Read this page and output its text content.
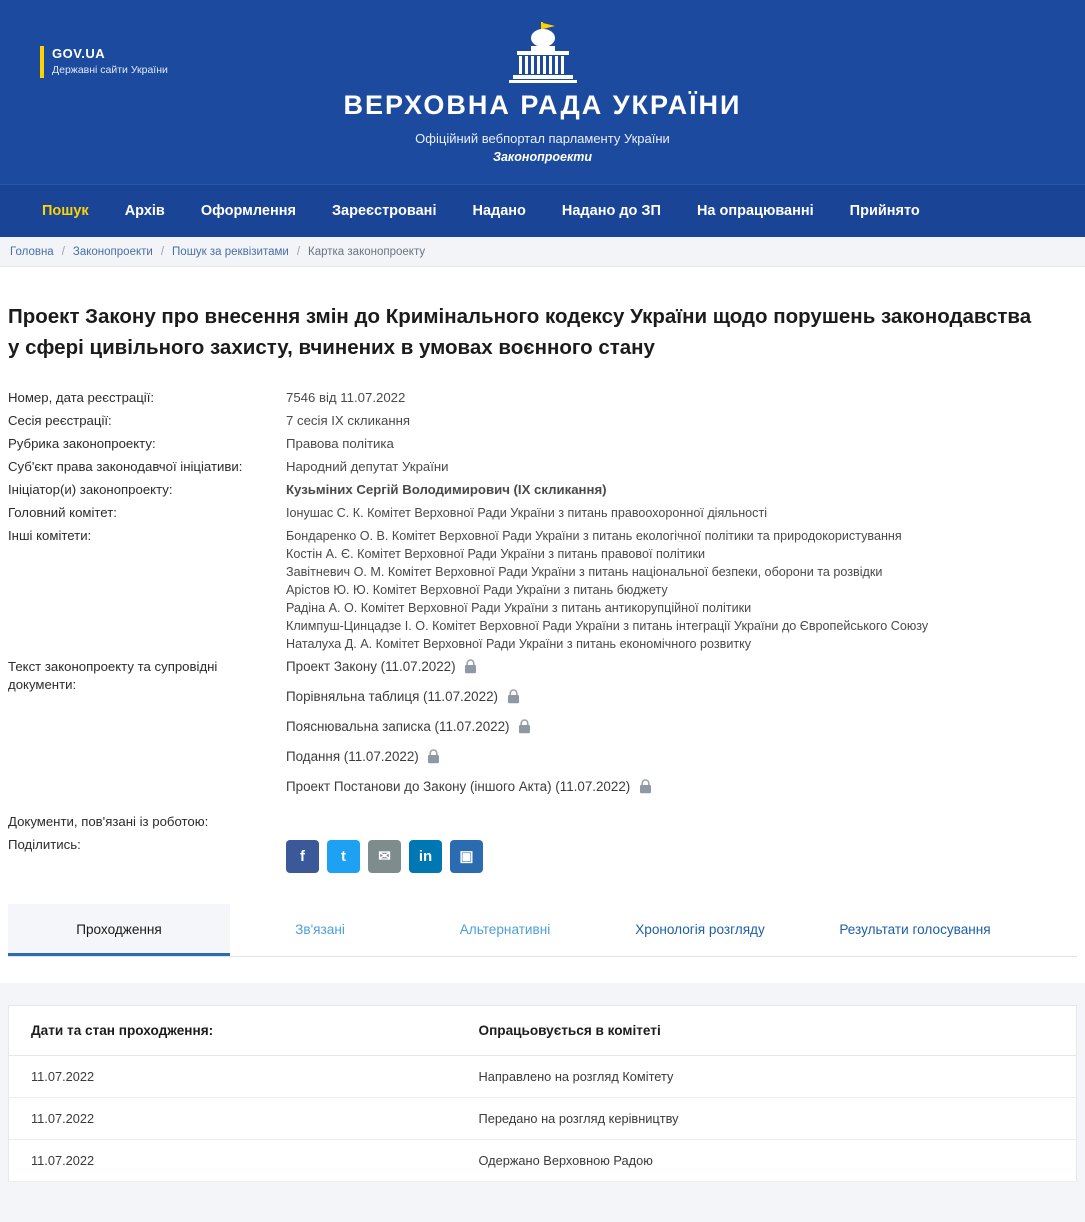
GOV.UA
Державні сайти України
ВЕРХОВНА РАДА УКРАЇНИ
Офіційний вебпортал парламенту України
Законопроекти
Пошук	Архів	Оформлення	Зареєстровані	Надано	Надано до ЗП	На опрацюванні	Прийнято
Головна / Законопроекти / Пошук за реквізитами / Картка законопроекту
Проект Закону про внесення змін до Кримінального кодексу України щодо порушень законодавства у сфері цивільного захисту, вчинених в умовах воєнного стану
Номер, дата реєстрації:	7546 від 11.07.2022
Сесія реєстрації:	7 сесія IX скликання
Рубрика законопроекту:	Правова політика
Суб'єкт права законодавчої ініціативи:	Народний депутат України
Ініціатор(и) законопроекту:	Кузьміних Сергій Володимирович (IX скликання)
Головний комітет:	Іонушас С. К. Комітет Верховної Ради України з питань правоохоронної діяльності
Інші комітети:	Бондаренко О. В. Комітет Верховної Ради України з питань екологічної політики та природокористування
Костін А. Є. Комітет Верховної Ради України з питань правової політики
Завітневич О. М. Комітет Верховної Ради України з питань національної безпеки, оборони та розвідки
Арістов Ю. Ю. Комітет Верховної Ради України з питань бюджету
Радіна А. О. Комітет Верховної Ради України з питань антикорупційної політики
Климпуш-Цинцадзе І. О. Комітет Верховної Ради України з питань інтеграції України до Європейського Союзу
Наталуха Д. А. Комітет Верховної Ради України з питань економічного розвитку

Текст законопроекту та супровідні документи:	
Проект Закону (11.07.2022)
Порівняльна таблиця (11.07.2022)
Пояснювальна записка (11.07.2022)
Подання (11.07.2022)
Проект Постанови до Закону (іншого Акта) (11.07.2022)

Документи, пов'язані із роботою:	
Поділитись:	f t ✉ in ▣
Проходження	Зв'язані	Альтернативні	Хронологія розгляду	Результати голосування
Дати та стан проходження:	Опрацьовується в комітеті
11.07.2022	Направлено на розгляд Комітету
11.07.2022	Передано на розгляд керівництву
11.07.2022	Одержано Верховною Радою
